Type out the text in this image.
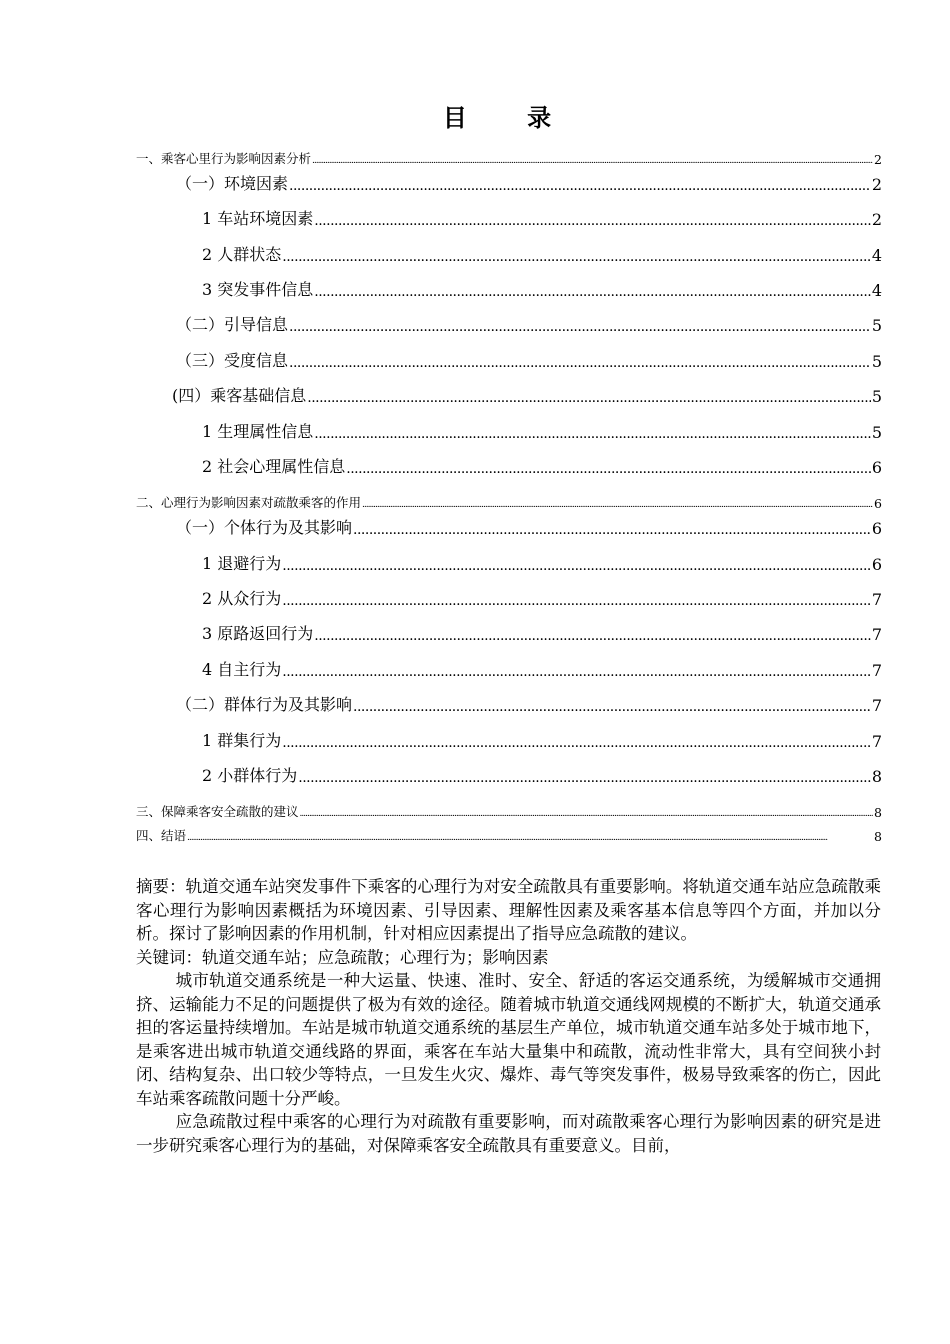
目 录
一、乘客心里行为影响因素分析 .....	2
（一）环境因素 .....	2
1 车站环境因素 .....	2
2 人群状态 .....	4
3 突发事件信息 .....	4
（二）引导信息 .....	5
（三）受度信息 .....	5
(四）乘客基础信息 .....	5
1 生理属性信息 .....	5
2 社会心理属性信息 .....	6
二、心理行为影响因素对疏散乘客的作用 .....	6
（一）个体行为及其影响 .....	6
1 退避行为 .....	6
2 从众行为 .....	7
3 原路返回行为 .....	7
4 自主行为 .....	7
（二）群体行为及其影响 .....	7
1 群集行为 .....	7
2 小群体行为 .....	8
三、保障乘客安全疏散的建议 .....	8
四、结语 .....	8

摘要：轨道交通车站突发事件下乘客的心理行为对安全疏散具有重要影响。将轨道交通车站应急疏散乘客心理行为影响因素概括为环境因素、引导因素、理解性因素及乘客基本信息等四个方面，并加以分析。探讨了影响因素的作用机制，针对相应因素提出了指导应急疏散的建议。

关键词：轨道交通车站；应急疏散；心理行为；影响因素

城市轨道交通系统是一种大运量、快速、准时、安全、舒适的客运交通系统，为缓解城市交通拥挤、运输能力不足的问题提供了极为有效的途径。随着城市轨道交通线网规模的不断扩大，轨道交通承担的客运量持续增加。车站是城市轨道交通系统的基层生产单位，城市轨道交通车站多处于城市地下，是乘客进出城市轨道交通线路的界面，乘客在车站大量集中和疏散，流动性非常大，具有空间狭小封闭、结构复杂、出口较少等特点，一旦发生火灾、爆炸、毒气等突发事件，极易导致乘客的伤亡，因此车站乘客疏散问题十分严峻。

应急疏散过程中乘客的心理行为对疏散有重要影响，而对疏散乘客心理行为影响因素的研究是进一步研究乘客心理行为的基础，对保障乘客安全疏散具有重要意义。目前，
